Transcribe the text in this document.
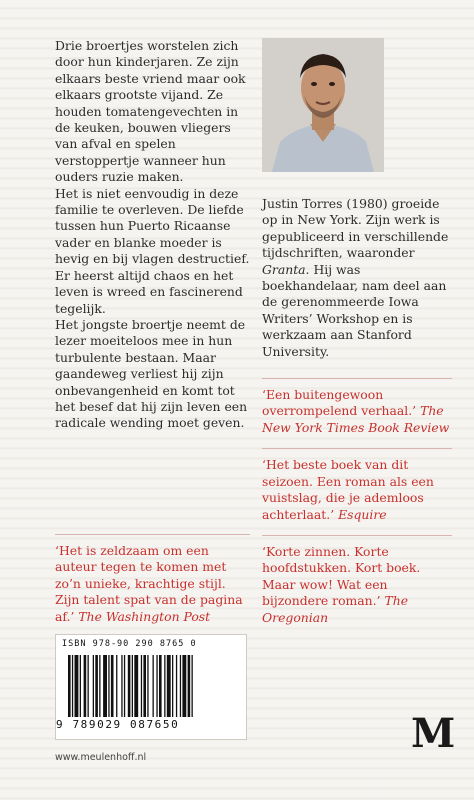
Drie broertjes worstelen zich door hun kinderjaren. Ze zijn elkaars beste vriend maar ook elkaars grootste vijand. Ze houden tomatengevechten in de keuken, bouwen vliegers van afval en spelen verstoppertje wanneer hun ouders ruzie maken.

Het is niet eenvoudig in deze familie te overleven. De liefde tussen hun Puerto Ricaanse vader en blanke moeder is hevig en bij vlagen destructief. Er heerst altijd chaos en het leven is wreed en fascinerend tegelijk.

Het jongste broertje neemt de lezer moeiteloos mee in hun turbulente bestaan. Maar gaandeweg verliest hij zijn onbevangenheid en komt tot het besef dat hij zijn leven een radicale wending moet geven.

Justin Torres (1980) groeide op in New York. Zijn werk is gepubliceerd in verschillende tijdschriften, waaronder Granta. Hij was boekhandelaar, nam deel aan de gerenommeerde Iowa Writers’ Workshop en is werkzaam aan Stanford University.

‘Een buitengewoon overrompelend verhaal.’ The New York Times Book Review

‘Het beste boek van dit seizoen. Een roman als een vuistslag, die je ademloos achterlaat.’ Esquire

‘Korte zinnen. Korte hoofdstukken. Kort boek. Maar wow! Wat een bijzondere roman.’ The Oregonian

‘Het is zeldzaam om een auteur tegen te komen met zo’n unieke, krachtige stijl. Zijn talent spat van de pagina af.’ The Washington Post

ISBN 978-90 290 8765 0
9 789029 087650
www.meulenhoff.nl
M
